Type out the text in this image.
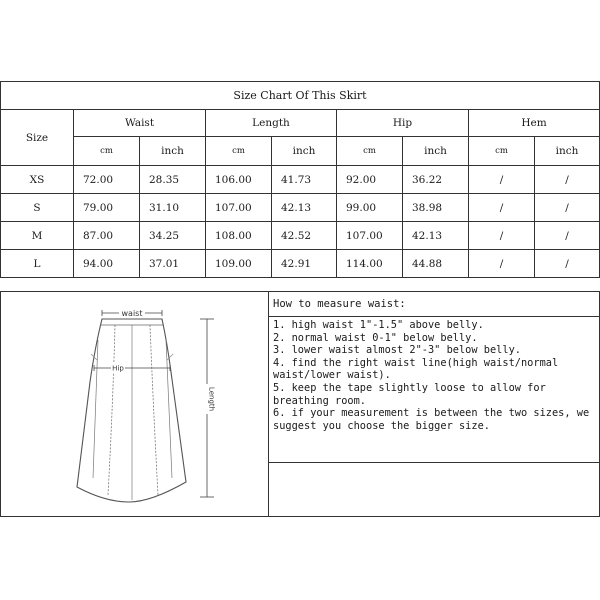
Size Chart Of This Skirt								
Size	Waist		Length		Hip		Hem	
	cm	inch	cm	inch	cm	inch	cm	inch
XS	72.00	28.35	106.00	41.73	92.00	36.22	/	/
S	79.00	31.10	107.00	42.13	99.00	38.98	/	/
M	87.00	34.25	108.00	42.52	107.00	42.13	/	/
L	94.00	37.01	109.00	42.91	114.00	44.88	/	/
waist
Hip
Length
How to measure waist:
1. high waist 1"-1.5" above belly.
2. normal waist 0-1" below belly.
3. lower waist almost 2"-3" below belly.
4. find the right waist line(high waist/normal waist/lower waist).
5. keep the tape slightly loose to allow for breathing room.
6. if your measurement is between the two sizes, we suggest you choose the bigger size.
